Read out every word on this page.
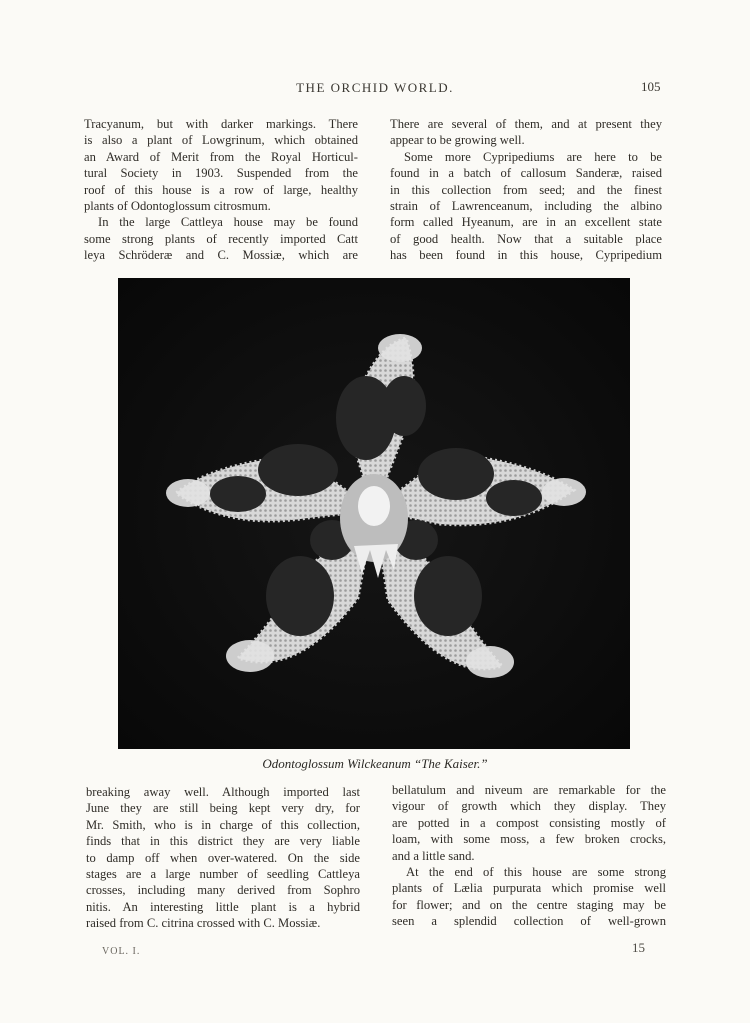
THE ORCHID WORLD.	105

Tracyanum, but with darker markings. There

is also a plant of Lowgrinum, which obtained

an Award of Merit from the Royal Horticul-

tural Society in 1903. Suspended from the

roof of this house is a row of large, healthy

plants of Odontoglossum citrosmum.

In the large Cattleya house may be found

some strong plants of recently imported Catt

leya Schröderæ and C. Mossiæ, which are

There are several of them, and at present they

appear to be growing well.

Some more Cypripediums are here to be

found in a batch of callosum Sanderæ, raised

in this collection from seed; and the finest

strain of Lawrenceanum, including the albino

form called Hyeanum, are in an excellent state

of good health. Now that a suitable place

has been found in this house, Cypripedium

Odontoglossum Wilckeanum “The Kaiser.”

breaking away well. Although imported last

June they are still being kept very dry, for

Mr. Smith, who is in charge of this collection,

finds that in this district they are very liable

to damp off when over-watered. On the side

stages are a large number of seedling Cattleya

crosses, including many derived from Sophro

nitis. An interesting little plant is a hybrid

raised from C. citrina crossed with C. Mossiæ.

bellatulum and niveum are remarkable for the

vigour of growth which they display. They

are potted in a compost consisting mostly of

loam, with some moss, a few broken crocks,

and a little sand.

At the end of this house are some strong

plants of Lælia purpurata which promise well

for flower; and on the centre staging may be

seen a splendid collection of well-grown

VOL. I.	15
